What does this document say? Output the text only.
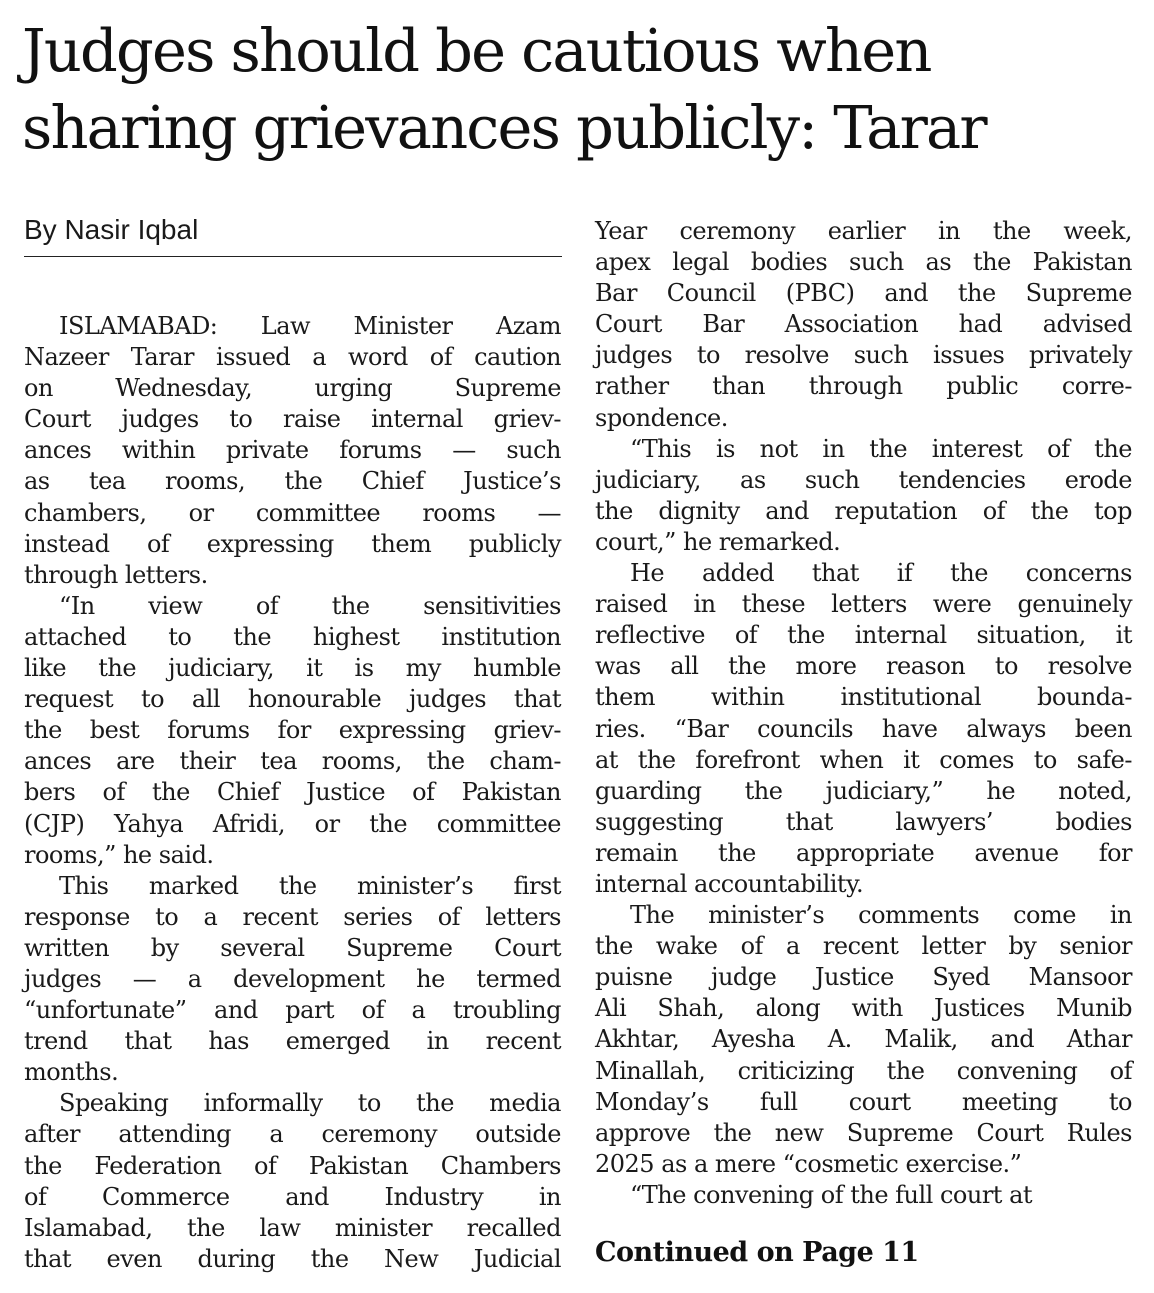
Judges should be cautious when
sharing grievances publicly: Tarar
By Nasir Iqbal
ISLAMABAD: Law Minister Azam
Nazeer Tarar issued a word of caution
on Wednesday, urging Supreme
Court judges to raise internal griev-
ances within private forums — such
as tea rooms, the Chief Justice’s
chambers, or committee rooms —
instead of expressing them publicly
through letters.
“In view of the sensitivities
attached to the highest institution
like the judiciary, it is my humble
request to all honourable judges that
the best forums for expressing griev-
ances are their tea rooms, the cham-
bers of the Chief Justice of Pakistan
(CJP) Yahya Afridi, or the committee
rooms,” he said.
This marked the minister’s first
response to a recent series of letters
written by several Supreme Court
judges — a development he termed
“unfortunate” and part of a troubling
trend that has emerged in recent
months.
Speaking informally to the media
after attending a ceremony outside
the Federation of Pakistan Chambers
of Commerce and Industry in
Islamabad, the law minister recalled
that even during the New Judicial
Year ceremony earlier in the week,
apex legal bodies such as the Pakistan
Bar Council (PBC) and the Supreme
Court Bar Association had advised
judges to resolve such issues privately
rather than through public corre-
spondence.
“This is not in the interest of the
judiciary, as such tendencies erode
the dignity and reputation of the top
court,” he remarked.
He added that if the concerns
raised in these letters were genuinely
reflective of the internal situation, it
was all the more reason to resolve
them within institutional bounda-
ries. “Bar councils have always been
at the forefront when it comes to safe-
guarding the judiciary,” he noted,
suggesting that lawyers’ bodies
remain the appropriate avenue for
internal accountability.
The minister’s comments come in
the wake of a recent letter by senior
puisne judge Justice Syed Mansoor
Ali Shah, along with Justices Munib
Akhtar, Ayesha A. Malik, and Athar
Minallah, criticizing the convening of
Monday’s full court meeting to
approve the new Supreme Court Rules
2025 as a mere “cosmetic exercise.”
“The convening of the full court at
Continued on Page 11
